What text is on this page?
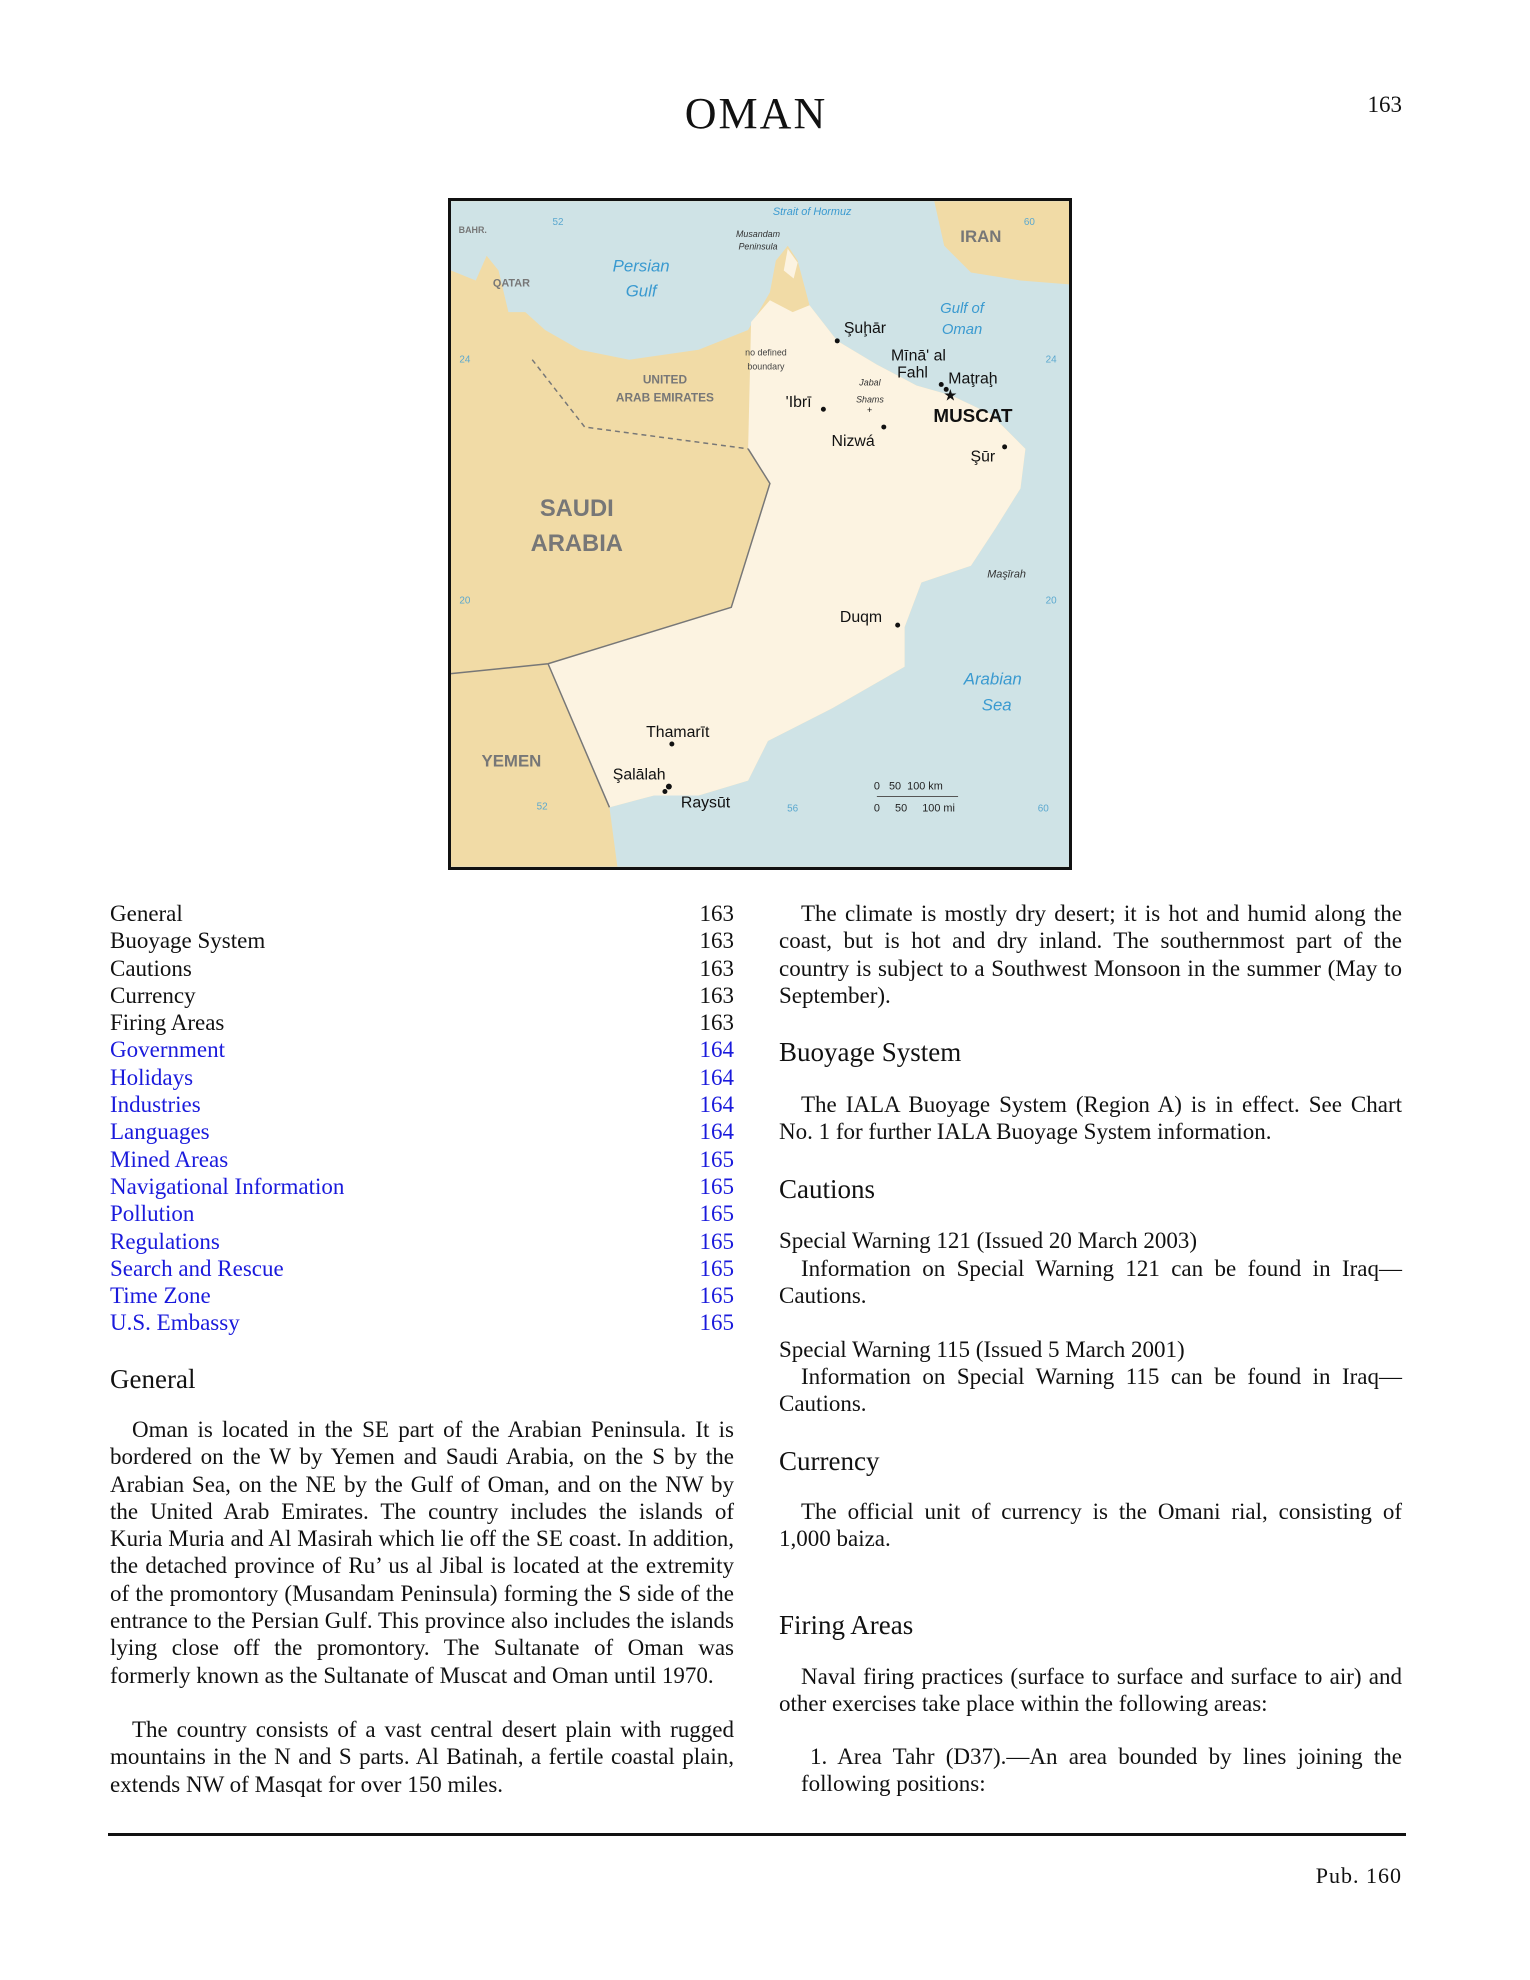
OMAN	163
Strait of Hormuz
Persian
Gulf
Gulf of
Oman
Arabian
Sea
52	60
24	24
20	20
52	56	60
IRAN
QATAR
BAHR.
UNITED
ARAB EMIRATES
SAUDI
ARABIA
YEMEN
Musandam
Peninsula
Jabal
Shams
Maşīrah
no defined
boundary
Şuḩār
Mīnā' al
Fahl Maţraḩ
MUSCAT
'Ibrī
Nizwá
Şūr
Duqm
Thamarīt
Şalālah
Raysūt
★
+
0   50  100 km
0     50     100 mi
General	163
Buoyage System	163
Cautions	163
Currency	163
Firing Areas	163
Government	164
Holidays	164
Industries	164
Languages	164
Mined Areas	165
Navigational Information	165
Pollution	165
Regulations	165
Search and Rescue	165
Time Zone	165
U.S. Embassy	165
General

Oman is located in the SE part of the Arabian Peninsula. It is bordered on the W by Yemen and Saudi Arabia, on the S by the Arabian Sea, on the NE by the Gulf of Oman, and on the NW by the United Arab Emirates. The country includes the islands of Kuria Muria and Al Masirah which lie off the SE coast. In addition, the detached province of Ru’ us al Jibal is located at the extremity of the promontory (Musandam Peninsula) forming the S side of the entrance to the Persian Gulf. This province also includes the islands lying close off the promontory. The Sultanate of Oman was formerly known as the Sultanate of Muscat and Oman until 1970.

The country consists of a vast central desert plain with rugged mountains in the N and S parts. Al Batinah, a fertile coastal plain, extends NW of Masqat for over 150 miles.

The climate is mostly dry desert; it is hot and humid along the coast, but is hot and dry inland. The southernmost part of the country is subject to a Southwest Monsoon in the summer (May to September).

Buoyage System

The IALA Buoyage System (Region A) is in effect. See Chart No. 1 for further IALA Buoyage System information.

Cautions

Special Warning 121 (Issued 20 March 2003)

Information on Special Warning 121 can be found in Iraq—Cautions.

Special Warning 115 (Issued 5 March 2001)

Information on Special Warning 115 can be found in Iraq—Cautions.

Currency

The official unit of currency is the Omani rial, consisting of 1,000 baiza.

Firing Areas

Naval firing practices (surface to surface and surface to air) and other exercises take place within the following areas:

1. Area Tahr (D37).—An area bounded by lines joining the following positions:

Pub. 160
